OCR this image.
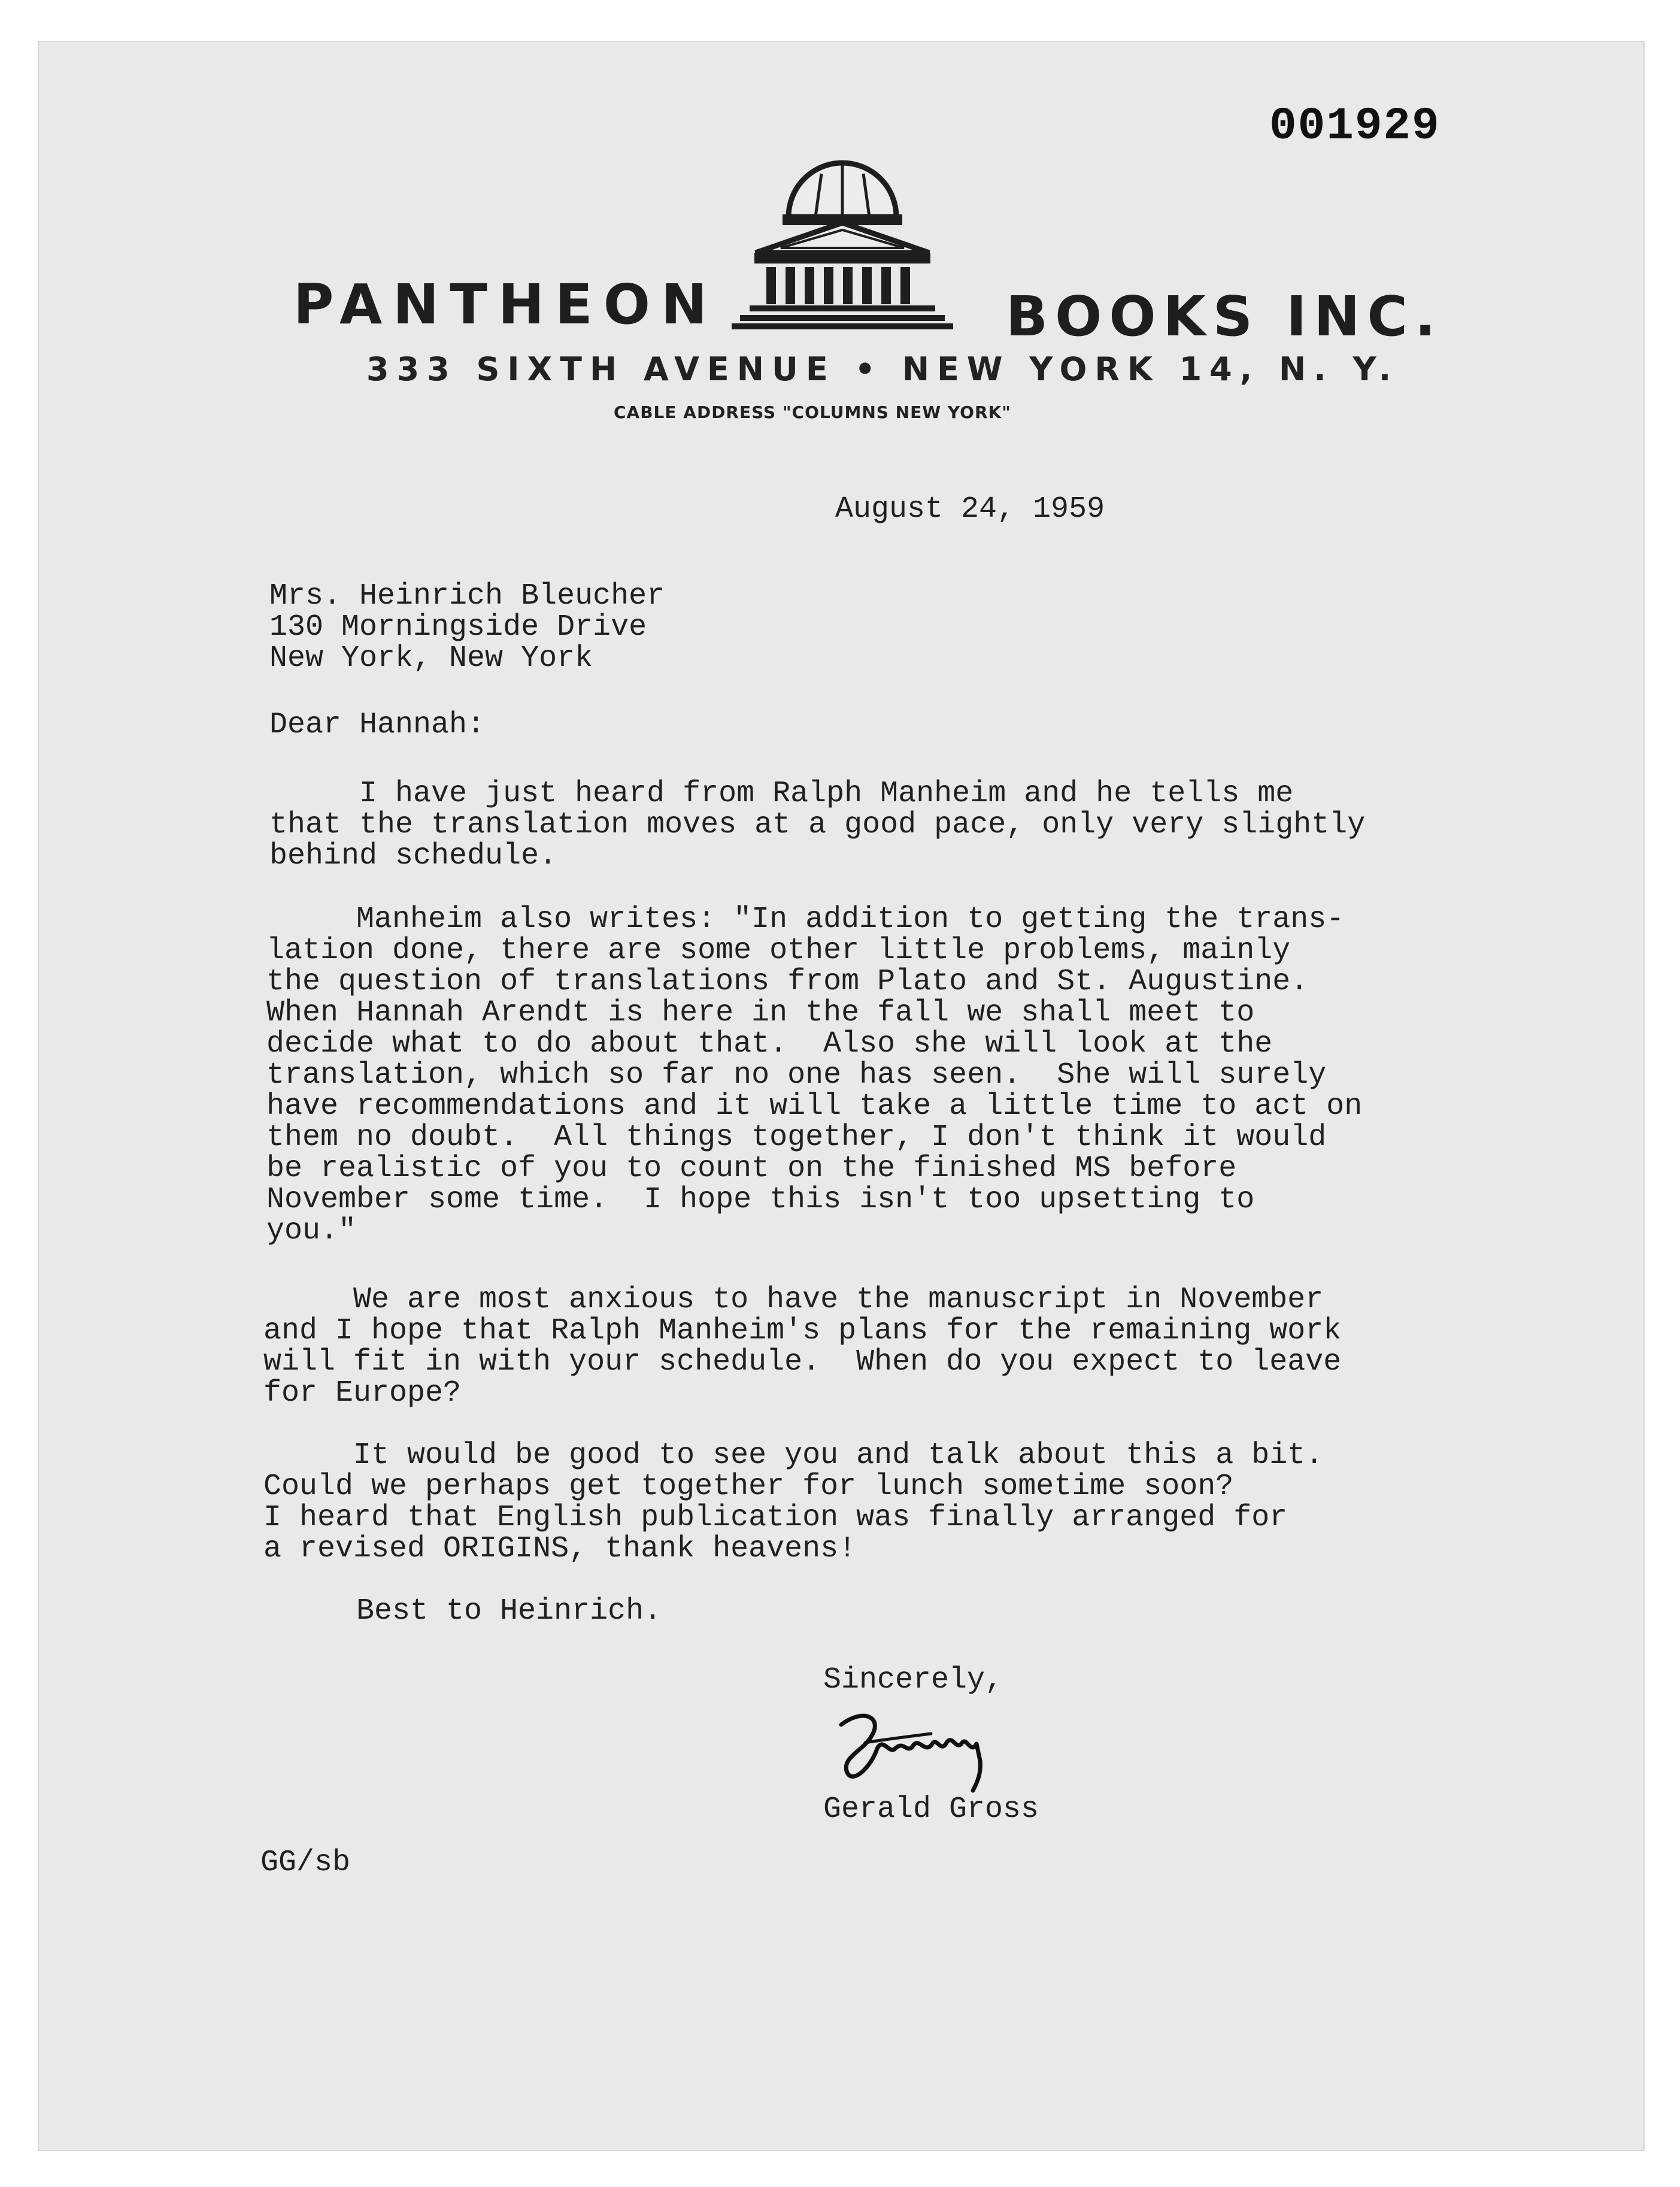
001929
PANTHEON	BOOKS INC.
333 SIXTH AVENUE • NEW YORK 14, N. Y.
CABLE ADDRESS "COLUMNS NEW YORK"
August 24, 1959
Mrs. Heinrich Bleucher
130 Morningside Drive
New York, New York
Dear Hannah:
I have just heard from Ralph Manheim and he tells me
that the translation moves at a good pace, only very slightly
behind schedule.
Manheim also writes: "In addition to getting the trans-
lation done, there are some other little problems, mainly
the question of translations from Plato and St. Augustine.
When Hannah Arendt is here in the fall we shall meet to
decide what to do about that.  Also she will look at the
translation, which so far no one has seen.  She will surely
have recommendations and it will take a little time to act on
them no doubt.  All things together, I don't think it would
be realistic of you to count on the finished MS before
November some time.  I hope this isn't too upsetting to
you."
We are most anxious to have the manuscript in November
and I hope that Ralph Manheim's plans for the remaining work
will fit in with your schedule.  When do you expect to leave
for Europe?
It would be good to see you and talk about this a bit.
Could we perhaps get together for lunch sometime soon?
I heard that English publication was finally arranged for
a revised ORIGINS, thank heavens!
Best to Heinrich.
Sincerely,
Gerald Gross
GG/sb
